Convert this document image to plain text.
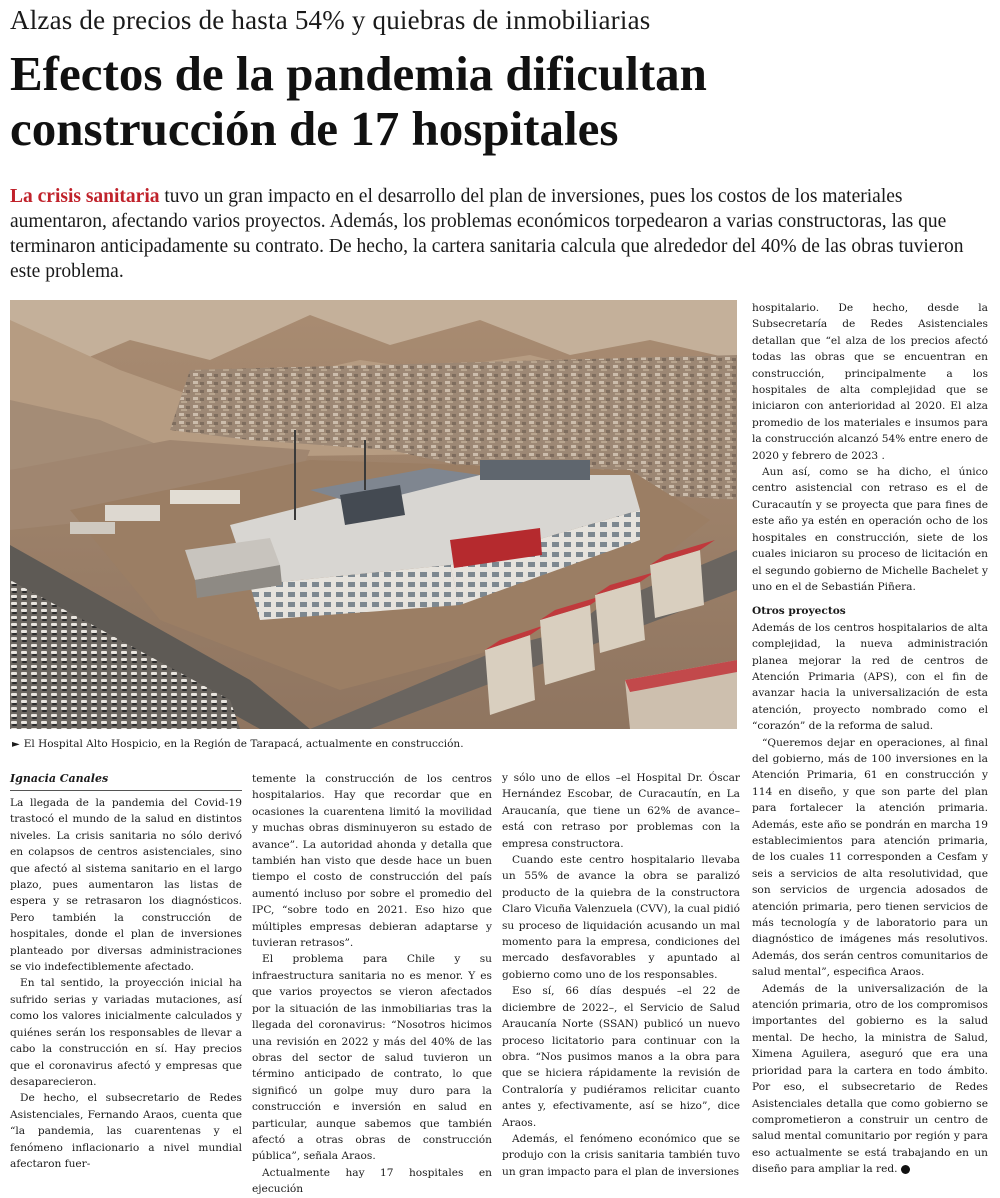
Alzas de precios de hasta 54% y quiebras de inmobiliarias
Efectos de la pandemia dificultan
construcción de 17 hospitales

La crisis sanitaria tuvo un gran impacto en el desarrollo del plan de inversiones, pues los costos de los materiales aumentaron, afectando varios proyectos. Además, los problemas económicos torpedearon a varias constructoras, las que terminaron anticipadamente su contrato. De hecho, la cartera sanitaria calcula que alrededor del 40% de las obras tuvieron este problema.

► El Hospital Alto Hospicio, en la Región de Tarapacá, actualmente en construcción.
Ignacia Canales

La llegada de la pandemia del Covid-19 trastocó el mundo de la salud en distintos niveles. La crisis sanitaria no sólo derivó en colapsos de centros asistenciales, sino que afectó al sistema sanitario en el largo plazo, pues aumentaron las listas de espera y se retrasaron los diagnósticos. Pero también la construcción de hospitales, donde el plan de inversiones planteado por diversas administraciones se vio indefectiblemente afectado.

En tal sentido, la proyección inicial ha sufrido serias y variadas mutaciones, así como los valores inicialmente calculados y quiénes serán los responsables de llevar a cabo la construcción en sí. Hay precios que el coronavirus afectó y empresas que desaparecieron.

De hecho, el subsecretario de Redes Asistenciales, Fernando Araos, cuenta que “la pandemia, las cuarentenas y el fenómeno inflacionario a nivel mundial afectaron fuer-

temente la construcción de los centros hospitalarios. Hay que recordar que en ocasiones la cuarentena limitó la movilidad y muchas obras disminuyeron su estado de avance”. La autoridad ahonda y detalla que también han visto que desde hace un buen tiempo el costo de construcción del país aumentó incluso por sobre el promedio del IPC, “sobre todo en 2021. Eso hizo que múltiples empresas debieran adaptarse y tuvieran retrasos”.

El problema para Chile y su infraestructura sanitaria no es menor. Y es que varios proyectos se vieron afectados por la situación de las inmobiliarias tras la llegada del coronavirus: “Nosotros hicimos una revisión en 2022 y más del 40% de las obras del sector de salud tuvieron un término anticipado de contrato, lo que significó un golpe muy duro para la construcción e inversión en salud en particular, aunque sabemos que también afectó a otras obras de construcción pública”, señala Araos.

Actualmente hay 17 hospitales en ejecución

y sólo uno de ellos –el Hospital Dr. Óscar Hernández Escobar, de Curacautín, en La Araucanía, que tiene un 62% de avance– está con retraso por problemas con la empresa constructora.

Cuando este centro hospitalario llevaba un 55% de avance la obra se paralizó producto de la quiebra de la constructora Claro Vicuña Valenzuela (CVV), la cual pidió su proceso de liquidación acusando un mal momento para la empresa, condiciones del mercado desfavorables y apuntado al gobierno como uno de los responsables.

Eso sí, 66 días después –el 22 de diciembre de 2022–, el Servicio de Salud Araucanía Norte (SSAN) publicó un nuevo proceso licitatorio para continuar con la obra. “Nos pusimos manos a la obra para que se hiciera rápidamente la revisión de Contraloría y pudiéramos relicitar cuanto antes y, efectivamente, así se hizo”, dice Araos.

Además, el fenómeno económico que se produjo con la crisis sanitaria también tuvo un gran impacto para el plan de inversiones

hospitalario. De hecho, desde la Subsecretaría de Redes Asistenciales detallan que “el alza de los precios afectó todas las obras que se encuentran en construcción, principalmente a los hospitales de alta complejidad que se iniciaron con anterioridad al 2020. El alza promedio de los materiales e insumos para la construcción alcanzó 54% entre enero de 2020 y febrero de 2023 .

Aun así, como se ha dicho, el único centro asistencial con retraso es el de Curacautín y se proyecta que para fines de este año ya estén en operación ocho de los hospitales en construcción, siete de los cuales iniciaron su proceso de licitación en el segundo gobierno de Michelle Bachelet y uno en el de Sebastián Piñera.

Otros proyectos

Además de los centros hospitalarios de alta complejidad, la nueva administración planea mejorar la red de centros de Atención Primaria (APS), con el fin de avanzar hacia la universalización de esta atención, proyecto nombrado como el “corazón” de la reforma de salud.

“Queremos dejar en operaciones, al final del gobierno, más de 100 inversiones en la Atención Primaria, 61 en construcción y 114 en diseño, y que son parte del plan para fortalecer la atención primaria. Además, este año se pondrán en marcha 19 establecimientos para atención primaria, de los cuales 11 corresponden a Cesfam y seis a servicios de alta resolutividad, que son servicios de urgencia adosados de atención primaria, pero tienen servicios de más tecnología y de laboratorio para un diagnóstico de imágenes más resolutivos. Además, dos serán centros comunitarios de salud mental”, especifica Araos.

Además de la universalización de la atención primaria, otro de los compromisos importantes del gobierno es la salud mental. De hecho, la ministra de Salud, Ximena Aguilera, aseguró que era una prioridad para la cartera en todo ámbito. Por eso, el subsecretario de Redes Asistenciales detalla que como gobierno se comprometieron a construir un centro de salud mental comunitario por región y para eso actualmente se está trabajando en un diseño para ampliar la red.
